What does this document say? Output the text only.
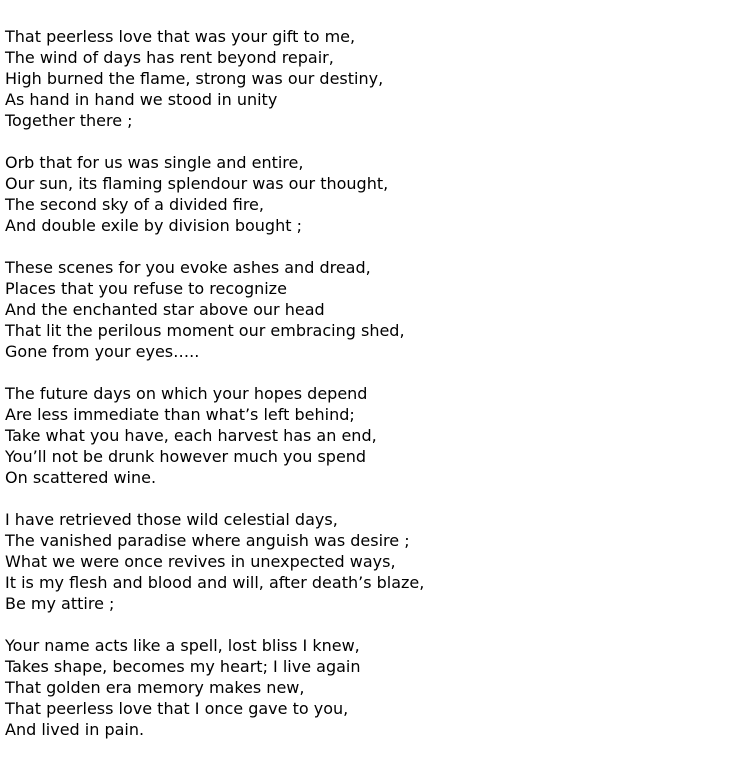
That peerless love that was your gift to me,
The wind of days has rent beyond repair,
High burned the flame, strong was our destiny,
As hand in hand we stood in unity
Together there ;
Orb that for us was single and entire,
Our sun, its flaming splendour was our thought,
The second sky of a divided fire,
And double exile by division bought ;
These scenes for you evoke ashes and dread,
Places that you refuse to recognize
And the enchanted star above our head
That lit the perilous moment our embracing shed,
Gone from your eyes…..
The future days on which your hopes depend
Are less immediate than what’s left behind;
Take what you have, each harvest has an end,
You’ll not be drunk however much you spend
On scattered wine.
I have retrieved those wild celestial days,
The vanished paradise where anguish was desire ;
What we were once revives in unexpected ways,
It is my flesh and blood and will, after death’s blaze,
Be my attire ;
Your name acts like a spell, lost bliss I knew,
Takes shape, becomes my heart; I live again
That golden era memory makes new,
That peerless love that I once gave to you,
And lived in pain.
